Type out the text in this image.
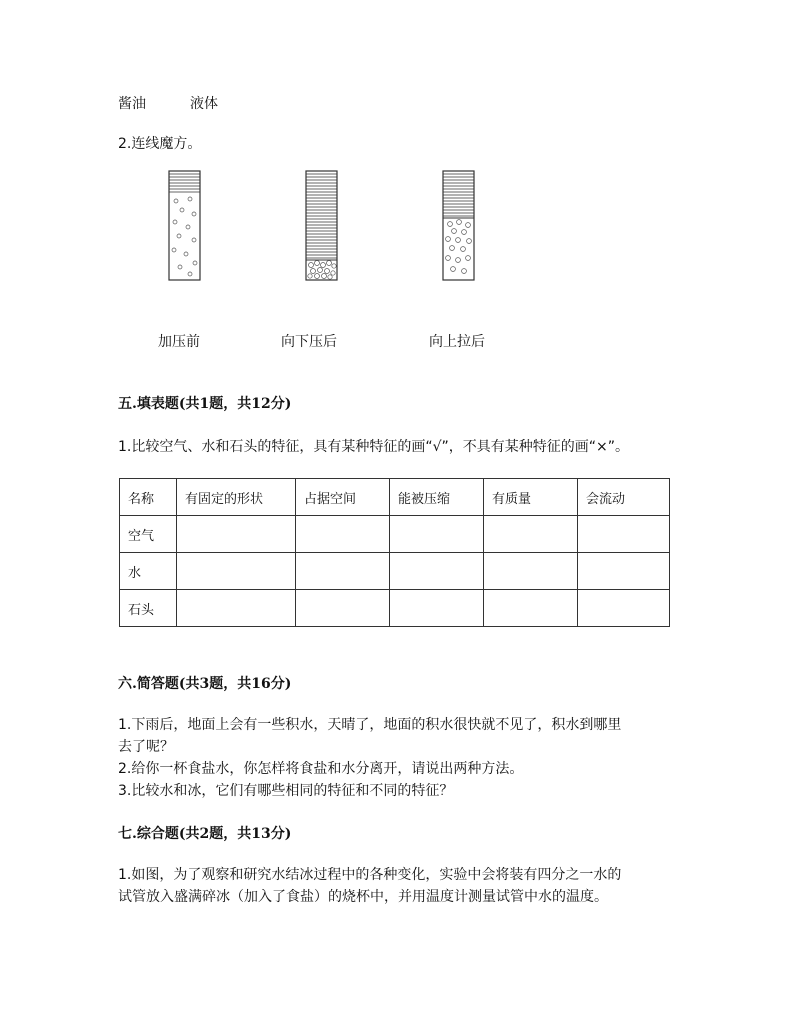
酱油	液体
2.连线魔方。
加压前	向下压后	向上拉后
五.填表题(共1题，共12分)
1.比较空气、水和石头的特征，具有某种特征的画“√”，不具有某种特征的画“×”。
名称	有固定的形状	占据空间	能被压缩	有质量	会流动
空气					
水					
石头					
六.简答题(共3题，共16分)
1.下雨后，地面上会有一些积水，天晴了，地面的积水很快就不见了，积水到哪里
去了呢？
2.给你一杯食盐水，你怎样将食盐和水分离开，请说出两种方法。
3.比较水和冰，它们有哪些相同的特征和不同的特征？
七.综合题(共2题，共13分)
1.如图，为了观察和研究水结冰过程中的各种变化，实验中会将装有四分之一水的
试管放入盛满碎冰（加入了食盐）的烧杯中，并用温度计测量试管中水的温度。
